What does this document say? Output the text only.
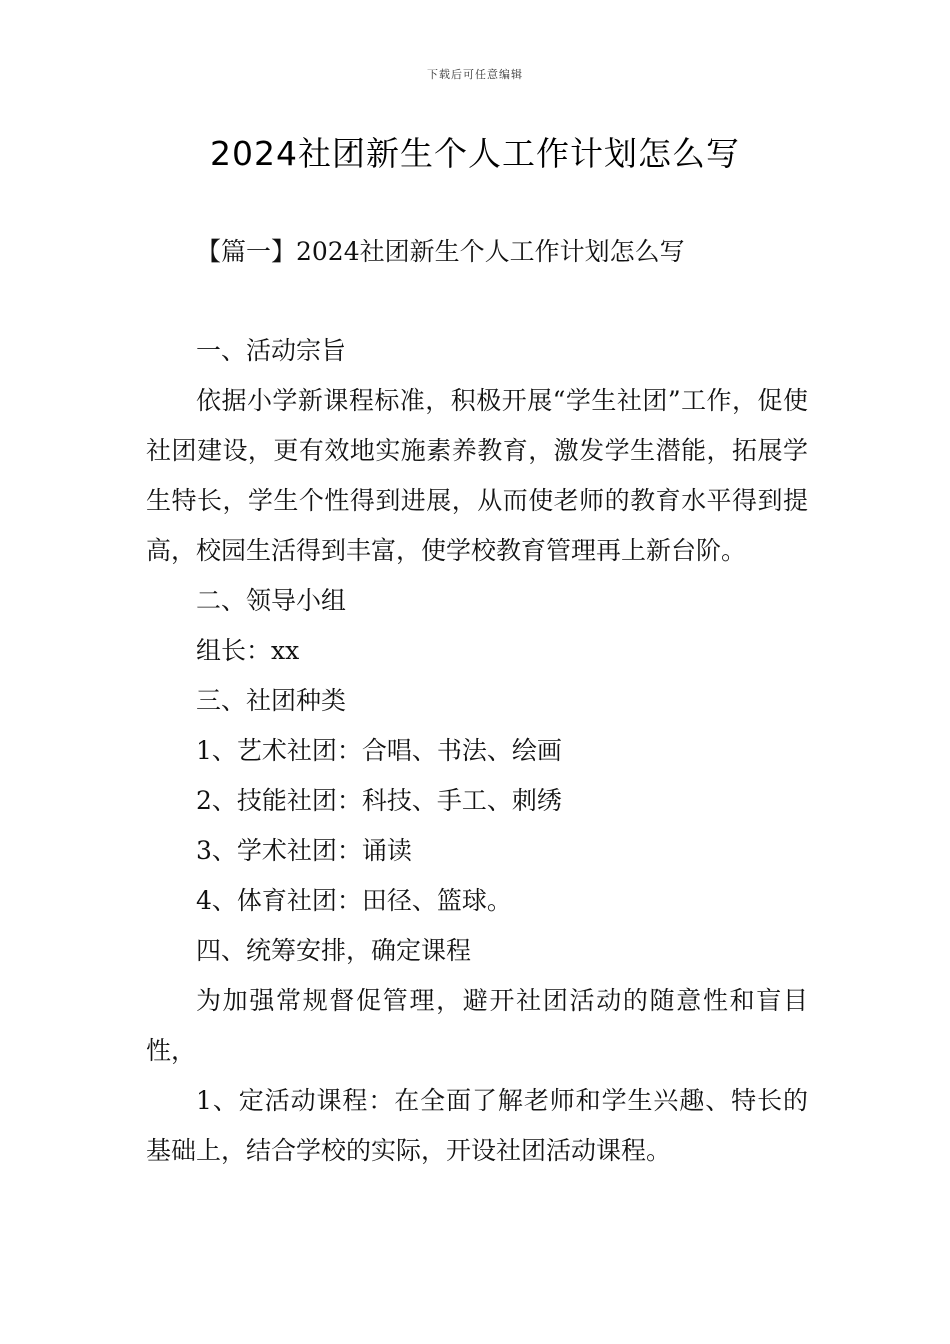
下载后可任意编辑
2024社团新生个人工作计划怎么写
【篇一】2024社团新生个人工作计划怎么写

一、活动宗旨

依据小学新课程标准，积极开展“学生社团”工作，促使社团建设，更有效地实施素养教育，激发学生潜能，拓展学生特长，学生个性得到进展，从而使老师的教育水平得到提高，校园生活得到丰富，使学校教育管理再上新台阶。

二、领导小组

组长：xx

三、社团种类

1、艺术社团：合唱、书法、绘画

2、技能社团：科技、手工、刺绣

3、学术社团：诵读

4、体育社团：田径、篮球。

四、统筹安排，确定课程

为加强常规督促管理，避开社团活动的随意性和盲目性，

1、定活动课程：在全面了解老师和学生兴趣、特长的基础上，结合学校的实际，开设社团活动课程。
